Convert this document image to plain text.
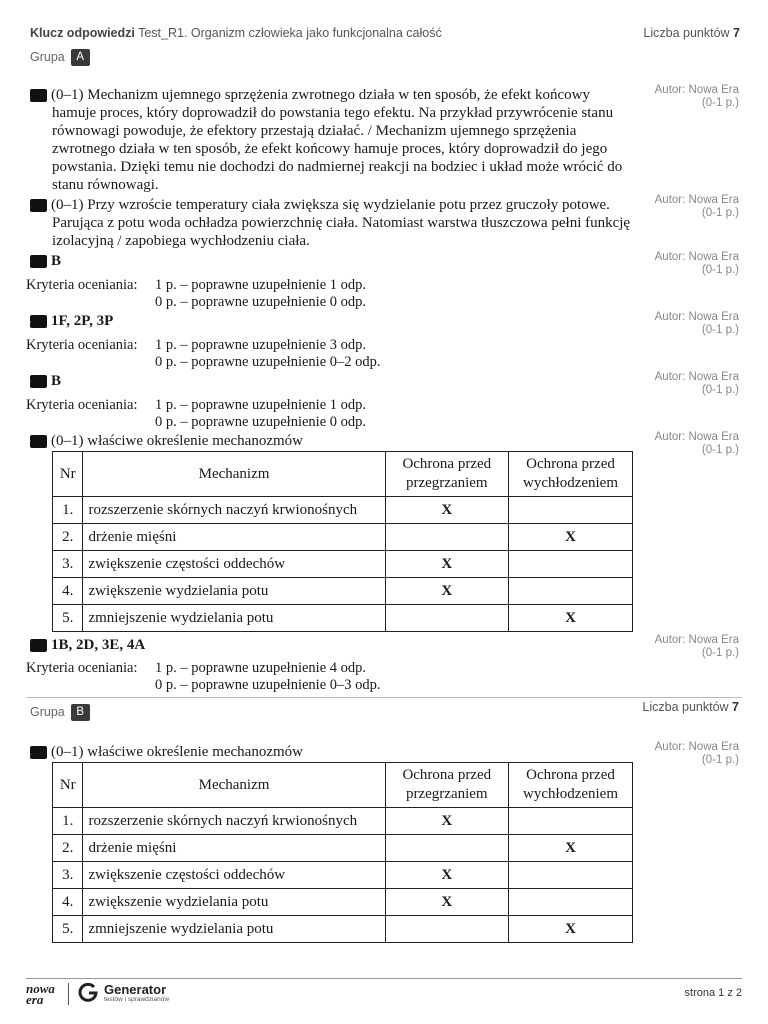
Klucz odpowiedzi Test_R1. Organizm człowieka jako funkcjonalna całość	Liczba punktów 7
Grupa A
1 (0–1) Mechanizm ujemnego sprzężenia zwrotnego działa w ten sposób, że efekt końcowy hamuje proces, który doprowadził do powstania tego efektu. Na przykład przywrócenie stanu równowagi powoduje, że efektory przestają działać. / Mechanizm ujemnego sprzężenia zwrotnego działa w ten sposób, że efekt końcowy hamuje proces, który doprowadził do jego powstania. Dzięki temu nie dochodzi do nadmiernej reakcji na bodziec i układ może wrócić do stanu równowagi.
Autor: Nowa Era
(0-1 p.)
2 (0–1) Przy wzroście temperatury ciała zwiększa się wydzielanie potu przez gruczoły potowe. Parująca z potu woda ochładza powierzchnię ciała. Natomiast warstwa tłuszczowa pełni funkcję izolacyjną / zapobiega wychłodzeniu ciała.
Autor: Nowa Era
(0-1 p.)
3 B	Autor: Nowa Era
(0-1 p.)
Kryteria oceniania:	1 p. – poprawne uzupełnienie 1 odp.
	0 p. – poprawne uzupełnienie 0 odp.
4 1F, 2P, 3P	Autor: Nowa Era
(0-1 p.)
Kryteria oceniania:	1 p. – poprawne uzupełnienie 3 odp.
	0 p. – poprawne uzupełnienie 0–2 odp.
5 B	Autor: Nowa Era
(0-1 p.)
Kryteria oceniania:	1 p. – poprawne uzupełnienie 1 odp.
	0 p. – poprawne uzupełnienie 0 odp.
6 (0–1) właściwe określenie mechanozmów	Autor: Nowa Era
(0-1 p.)
Nr	Mechanizm	Ochrona przed
przegrzaniem	Ochrona przed
wychłodzeniem
1.	rozszerzenie skórnych naczyń krwionośnych	X	
2.	drżenie mięśni		X
3.	zwiększenie częstości oddechów	X	
4.	zwiększenie wydzielania potu	X	
5.	zmniejszenie wydzielania potu		X
7 1B, 2D, 3E, 4A	Autor: Nowa Era
(0-1 p.)
Kryteria oceniania:	1 p. – poprawne uzupełnienie 4 odp.
	0 p. – poprawne uzupełnienie 0–3 odp.
Grupa B	Liczba punktów 7
1 (0–1) właściwe określenie mechanozmów	Autor: Nowa Era
(0-1 p.)
Nr	Mechanizm	Ochrona przed
przegrzaniem	Ochrona przed
wychłodzeniem
1.	rozszerzenie skórnych naczyń krwionośnych	X	
2.	drżenie mięśni		X
3.	zwiększenie częstości oddechów	X	
4.	zwiększenie wydzielania potu	X	
5.	zmniejszenie wydzielania potu		X
nowa
era
Generator
testów i sprawdzianów
strona 1 z 2
